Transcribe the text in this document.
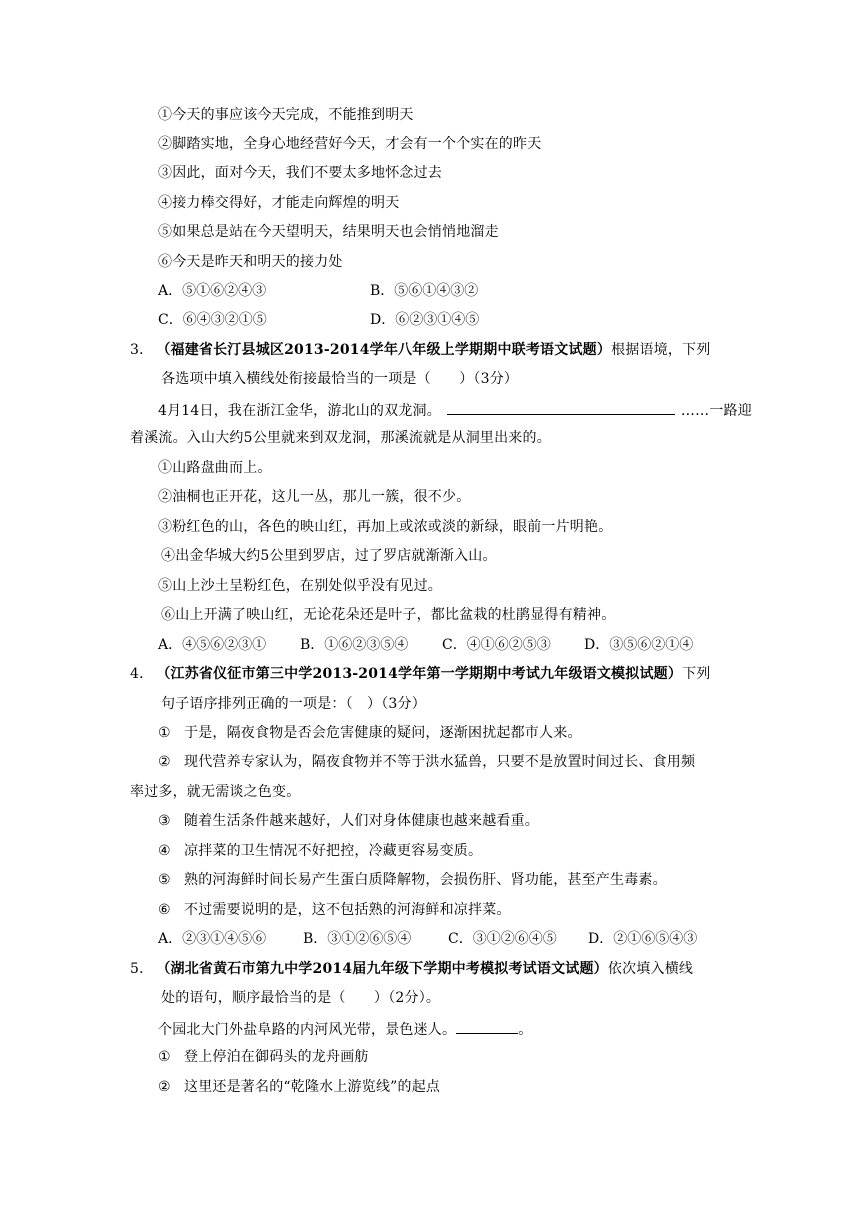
①今天的事应该今天完成，不能推到明天
②脚踏实地，全身心地经营好今天，才会有一个个实在的昨天
③因此，面对今天，我们不要太多地怀念过去
④接力棒交得好，才能走向辉煌的明天
⑤如果总是站在今天望明天，结果明天也会悄悄地溜走
⑥今天是昨天和明天的接力处
A．⑤①⑥②④③	B．⑤⑥①④③②
C．⑥④③②①⑤	D．⑥②③①④⑤
3． （福建省长汀县城区2013-2014学年八年级上学期期中联考语文试题）根据语境，下列
各选项中填入横线处衔接最恰当的一项是（　　）（3分）
4月14日，我在浙江金华，游北山的双龙洞。	……一路迎
着溪流。入山大约5公里就来到双龙洞，那溪流就是从洞里出来的。
①山路盘曲而上。
②油桐也正开花，这儿一丛，那儿一簇，很不少。
③粉红色的山，各色的映山红，再加上或浓或淡的新绿，眼前一片明艳。
④出金华城大约5公里到罗店，过了罗店就渐渐入山。
⑤山上沙土呈粉红色，在别处似乎没有见过。
⑥山上开满了映山红，无论花朵还是叶子，都比盆栽的杜鹃显得有精神。
A．④⑤⑥②③① B．①⑥②③⑤④ C．④①⑥②⑤③ D．③⑤⑥②①④
4． （江苏省仪征市第三中学2013-2014学年第一学期期中考试九年级语文模拟试题）下列
句子语序排列正确的一项是：（　）（3分）
① 于是，隔夜食物是否会危害健康的疑问，逐渐困扰起都市人来。
② 现代营养专家认为，隔夜食物并不等于洪水猛兽，只要不是放置时间过长、食用频
率过多，就无需谈之色变。
③ 随着生活条件越来越好，人们对身体健康也越来越看重。
④ 凉拌菜的卫生情况不好把控，冷藏更容易变质。
⑤ 熟的河海鲜时间长易产生蛋白质降解物，会损伤肝、肾功能，甚至产生毒素。
⑥ 不过需要说明的是，这不包括熟的河海鲜和凉拌菜。
A．②③①④⑤⑥	B．③①②⑥⑤④	C．③①②⑥④⑤ D．②①⑥⑤④③
5． （湖北省黄石市第九中学2014届九年级下学期中考模拟考试语文试题）依次填入横线
处的语句，顺序最恰当的是（　　）（2分）。
个园北大门外盐阜路的内河风光带，景色迷人。	。
① 登上停泊在御码头的龙舟画舫
② 这里还是著名的“乾隆水上游览线”的起点
